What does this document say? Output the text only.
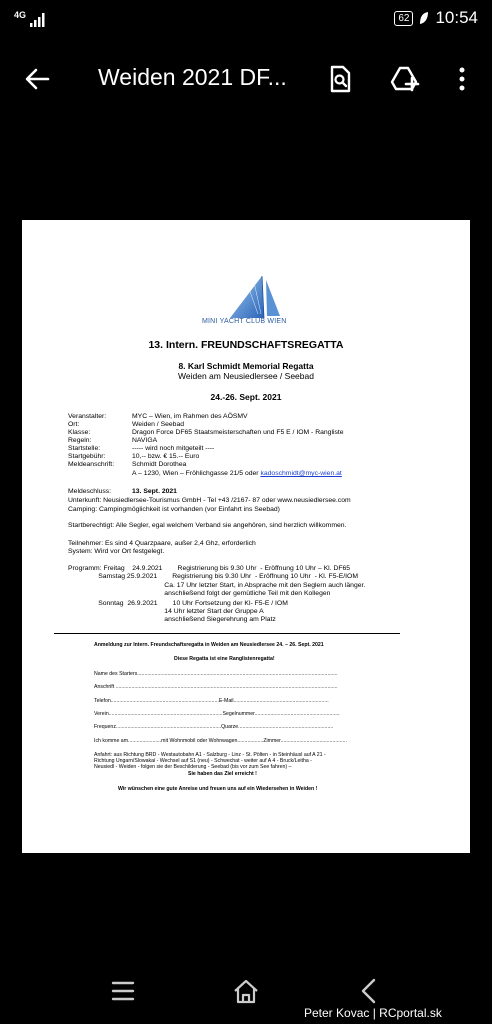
4G	62 10:54
Weiden 2021 DF...
MINI YACHT CLUB WIEN
13. Intern. FREUNDSCHAFTSREGATTA
8. Karl Schmidt Memorial Regatta
Weiden am Neusiedlersee / Seebad
24.-26. Sept. 2021
Veranstalter:	MYC – Wien, im Rahmen des AÖSMV
Ort:	Weiden / Seebad
Klasse:	Dragon Force DF65 Staatsmeisterschaften und F5 E / IOM - Rangliste
Regeln:	NAVIGA
Startstelle:	----- wird noch mitgeteilt ----
Startgebühr:	10,-- bzw. € 15.-- Euro
Meldeanschrift:	Schmidt Dorothea
A – 1230, Wien – Fröhlichgasse 21/5 oder kadoschmidt@myc-wien.at
Meldeschluss:	13. Sept. 2021
Unterkunft: Neusiedlersee-Tourismus GmbH - Tel +43 /2167- 87 oder www.neusiedlersee.com
Camping: Campingmöglichkeit ist vorhanden (vor Einfahrt ins Seebad)
Startberechtigt: Alle Segler, egal welchem Verband sie angehören, sind herzlich willkommen.
Teilnehmer: Es sind 4 Quarzpaare, außer 2,4 Ghz, erforderlich
System: Wird vor Ort festgelegt.
Programm: Freitag    24.9.2021        Registrierung bis 9.30 Uhr  - Eröffnung 10 Uhr – Kl. DF65
Samstag 25.9.2021        Registrierung bis 9.30 Uhr  - Eröffnung 10 Uhr  - Kl. F5-E/IOM
Ca. 17 Uhr letzter Start, in Absprache mit den Seglern auch länger.
anschließend folgt der gemütliche Teil mit den Kollegen
Sonntag  26.9.2021        10 Uhr Fortsetzung der Kl- F5-E / IOM
14 Uhr letzter Start der Gruppe A
anschließend Siegerehrung am Platz
Anmeldung zur Intern. Freundschaftsregatta in Weiden am Neusiedlersee 24. – 26. Sept. 2021
Diese Regatta ist eine Ranglistenregatta!
Name des Starters...........................................................................................................................................
Anschrift ..........................................................................................................................................................
Telefon...........................................................................E-Mail..................................................................
Verein...............................................................................Segelnummer...........................................................
Frequenz.........................................................................Quarze..................................................................
Ich komme am.......................mit Wohnmobil oder Wohnwagen..................Zimmer..............................................
Anfahrt: aus Richtung BRD - Westautobahn A1 - Salzburg - Linz - St. Pölten - in Steinhäusl auf A 21 -
Richtung Ungarn/Slowakai - Wechsel auf S1 (neu) - Schwechat - weiter auf A 4 - Bruck/Leitha -
Neusiedl - Weiden - folgen sie der Beschilderung - Seebad (bis vor zum See fahren) –
Sie haben das Ziel erreicht !
Wir wünschen eine gute Anreise und freuen uns auf ein Wiedersehen in Weiden !
Peter Kovac | RCportal.sk
